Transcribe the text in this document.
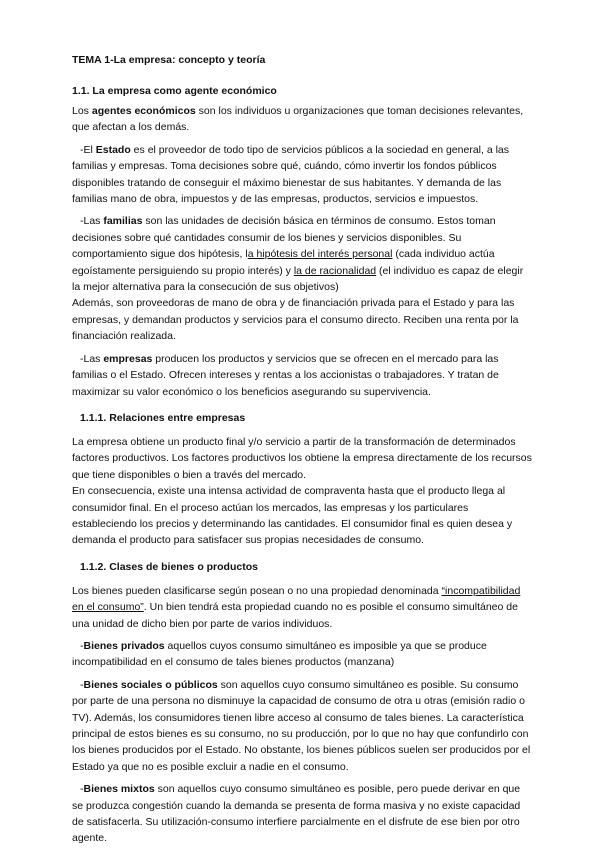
TEMA 1-La empresa: concepto y teoría
1.1. La empresa como agente económico

Los agentes económicos son los individuos u organizaciones que toman decisiones relevantes, que afectan a los demás.

-El Estado es el proveedor de todo tipo de servicios públicos a la sociedad en general, a las familias y empresas. Toma decisiones sobre qué, cuándo, cómo invertir los fondos públicos disponibles tratando de conseguir el máximo bienestar de sus habitantes. Y demanda de las familias mano de obra, impuestos y de las empresas, productos, servicios e impuestos.

-Las familias son las unidades de decisión básica en términos de consumo. Estos toman decisiones sobre qué cantidades consumir de los bienes y servicios disponibles. Su comportamiento sigue dos hipótesis, la hipótesis del interés personal (cada individuo actúa egoístamente persiguiendo su propio interés) y la de racionalidad (el individuo es capaz de elegir la mejor alternativa para la consecución de sus objetivos)

Además, son proveedoras de mano de obra y de financiación privada para el Estado y para las empresas, y demandan productos y servicios para el consumo directo. Reciben una renta por la financiación realizada.

-Las empresas producen los productos y servicios que se ofrecen en el mercado para las familias o el Estado. Ofrecen intereses y rentas a los accionistas o trabajadores. Y tratan de maximizar su valor económico o los beneficios asegurando su supervivencia.

1.1.1. Relaciones entre empresas

La empresa obtiene un producto final y/o servicio a partir de la transformación de determinados factores productivos. Los factores productivos los obtiene la empresa directamente de los recursos que tiene disponibles o bien a través del mercado.

En consecuencia, existe una intensa actividad de compraventa hasta que el producto llega al consumidor final. En el proceso actúan los mercados, las empresas y los particulares estableciendo los precios y determinando las cantidades. El consumidor final es quien desea y demanda el producto para satisfacer sus propias necesidades de consumo.

1.1.2. Clases de bienes o productos

Los bienes pueden clasificarse según posean o no una propiedad denominada “incompatibilidad en el consumo”. Un bien tendrá esta propiedad cuando no es posible el consumo simultáneo de una unidad de dicho bien por parte de varios individuos.

-Bienes privados aquellos cuyos consumo simultáneo es imposible ya que se produce incompatibilidad en el consumo de tales bienes productos (manzana)

-Bienes sociales o públicos son aquellos cuyo consumo simultáneo es posible. Su consumo por parte de una persona no disminuye la capacidad de consumo de otra u otras (emisión radio o TV). Además, los consumidores tienen libre acceso al consumo de tales bienes. La característica principal de estos bienes es su consumo, no su producción, por lo que no hay que confundirlo con los bienes producidos por el Estado. No obstante, los bienes públicos suelen ser producidos por el Estado ya que no es posible excluir a nadie en el consumo.

-Bienes mixtos son aquellos cuyo consumo simultáneo es posible, pero puede derivar en que se produzca congestión cuando la demanda se presenta de forma masiva y no existe capacidad de satisfacerla. Su utilización-consumo interfiere parcialmente en el disfrute de ese bien por otro agente.
